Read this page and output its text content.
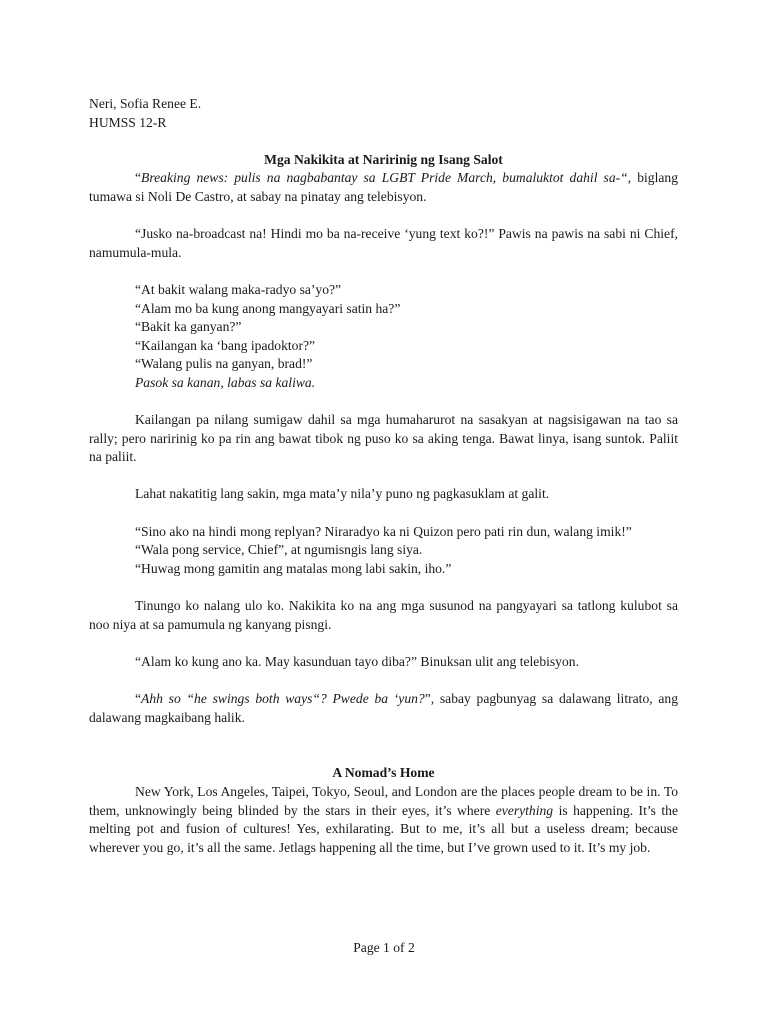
Neri, Sofia Renee E.

HUMSS 12-R

Mga Nakikita at Naririnig ng Isang Salot

“Breaking news: pulis na nagbabantay sa LGBT Pride March, bumaluktot dahil sa-“, biglang tumawa si Noli De Castro, at sabay na pinatay ang telebisyon.

“Jusko na-broadcast na! Hindi mo ba na-receive ‘yung text ko?!” Pawis na pawis na sabi ni Chief, namumula-mula.

“At bakit walang maka-radyo sa’yo?”

“Alam mo ba kung anong mangyayari satin ha?”

“Bakit ka ganyan?”

“Kailangan ka ‘bang ipadoktor?”

“Walang pulis na ganyan, brad!”

Pasok sa kanan, labas sa kaliwa.

Kailangan pa nilang sumigaw dahil sa mga humaharurot na sasakyan at nagsisigawan na tao sa rally; pero naririnig ko pa rin ang bawat tibok ng puso ko sa aking tenga. Bawat linya, isang suntok. Paliit na paliit.

Lahat nakatitig lang sakin, mga mata’y nila’y puno ng pagkasuklam at galit.

“Sino ako na hindi mong replyan? Niraradyo ka ni Quizon pero pati rin dun, walang imik!”

“Wala pong service, Chief”, at ngumisngis lang siya.

“Huwag mong gamitin ang matalas mong labi sakin, iho.”

Tinungo ko nalang ulo ko. Nakikita ko na ang mga susunod na pangyayari sa tatlong kulubot sa noo niya at sa pamumula ng kanyang pisngi.

“Alam ko kung ano ka. May kasunduan tayo diba?” Binuksan ulit ang telebisyon.

“Ahh so “he swings both ways“? Pwede ba ‘yun?”, sabay pagbunyag sa dalawang litrato, ang dalawang magkaibang halik.

A Nomad’s Home

New York, Los Angeles, Taipei, Tokyo, Seoul, and London are the places people dream to be in. To them, unknowingly being blinded by the stars in their eyes, it’s where everything is happening. It’s the melting pot and fusion of cultures! Yes, exhilarating. But to me, it’s all but a useless dream; because wherever you go, it’s all the same. Jetlags happening all the time, but I’ve grown used to it. It’s my job.

Page 1 of 2
